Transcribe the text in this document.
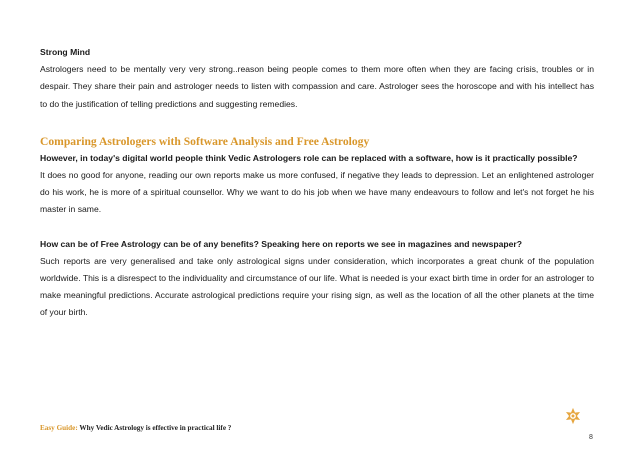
Strong Mind

Astrologers need to be mentally very very strong..reason being people comes to them more often when they are facing crisis, troubles or in despair. They share their pain and astrologer needs to listen with compassion and care. Astrologer sees the horoscope and with his intellect has to do the justification of telling predictions and suggesting remedies.

Comparing Astrologers with Software Analysis and Free Astrology

However, in today's digital world people think Vedic Astrologers role can be replaced with a software, how is it practically possible?

It does no good for anyone, reading our own reports make us more confused, if negative they leads to depression. Let an enlightened astrologer do his work, he is more of a spiritual counsellor. Why we want to do his job when we have many endeavours to follow and let's not forget he his master in same.

How can be of Free Astrology can be of any benefits? Speaking here on reports we see in magazines and newspaper?

Such reports are very generalised and take only astrological signs under consideration, which incorporates a great chunk of the population worldwide. This is a disrespect to the individuality and circumstance of our life. What is needed is your exact birth time in order for an astrologer to make meaningful predictions. Accurate astrological predictions require your rising sign, as well as the location of all the other planets at the time of your birth.

Easy Guide: Why Vedic Astrology is effective in practical life ?
8
